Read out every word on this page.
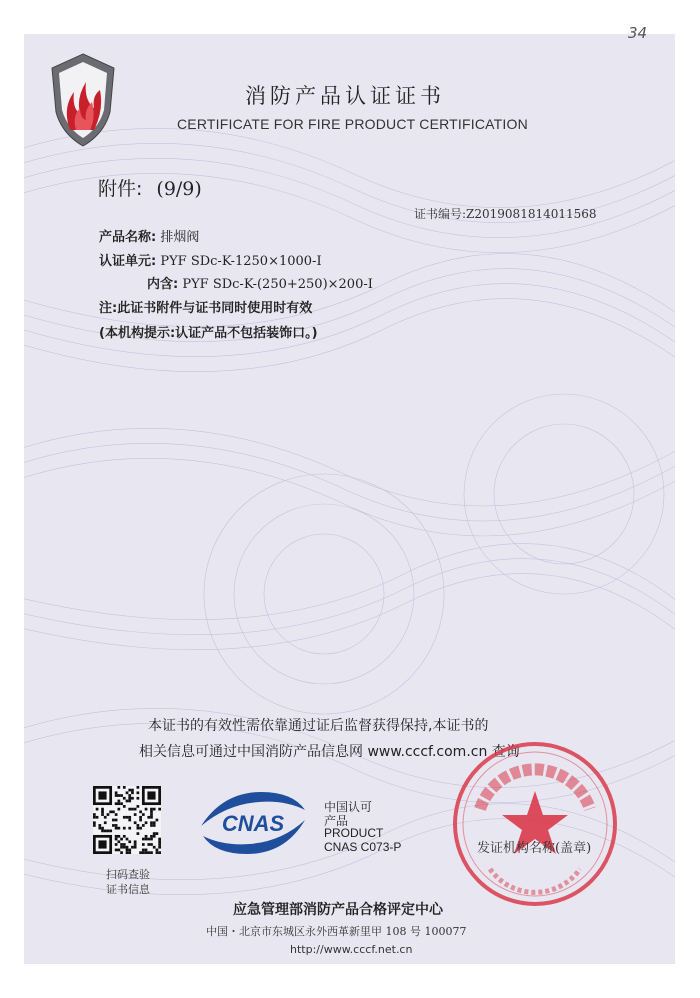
34
消防产品认证证书
CERTIFICATE FOR FIRE PRODUCT CERTIFICATION
附件: (9/9)
证书编号:Z2019081814011568
产品名称: 排烟阀
认证单元: PYF SDc-K-1250×1000-I
内含: PYF SDc-K-(250+250)×200-I
注:此证书附件与证书同时使用时有效
(本机构提示:认证产品不包括装饰口。)
本证书的有效性需依靠通过证后监督获得保持,本证书的
相关信息可通过中国消防产品信息网 www.cccf.com.cn 查询
扫码查验
证书信息
CNAS
中国认可
产品
PRODUCT
CNAS C073-P	发证机构名称(盖章)
应急管理部消防产品合格评定中心
中国・北京市东城区永外西革新里甲 108 号 100077
http://www.cccf.net.cn
